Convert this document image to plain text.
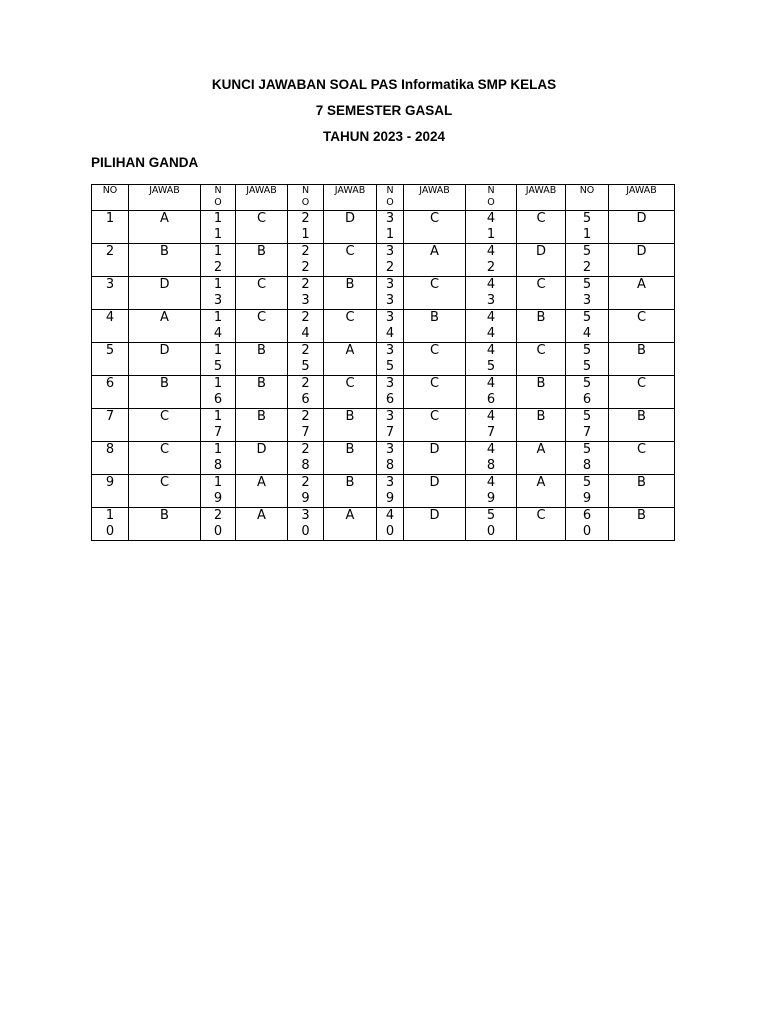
KUNCI JAWABAN SOAL PAS Informatika SMP KELAS
7 SEMESTER GASAL
TAHUN 2023 - 2024
PILIHAN GANDA
NO	JAWAB	NO	JAWAB	NO	JAWAB	NO	JAWAB	NO	JAWAB	NO	JAWAB
1	A	11	C	21	D	31	C	41	C	51	D
2	B	12	B	22	C	32	A	42	D	52	D
3	D	13	C	23	B	33	C	43	C	53	A
4	A	14	C	24	C	34	B	44	B	54	C
5	D	15	B	25	A	35	C	45	C	55	B
6	B	16	B	26	C	36	C	46	B	56	C
7	C	17	B	27	B	37	C	47	B	57	B
8	C	18	D	28	B	38	D	48	A	58	C
9	C	19	A	29	B	39	D	49	A	59	B
10	B	20	A	30	A	40	D	50	C	60	B
